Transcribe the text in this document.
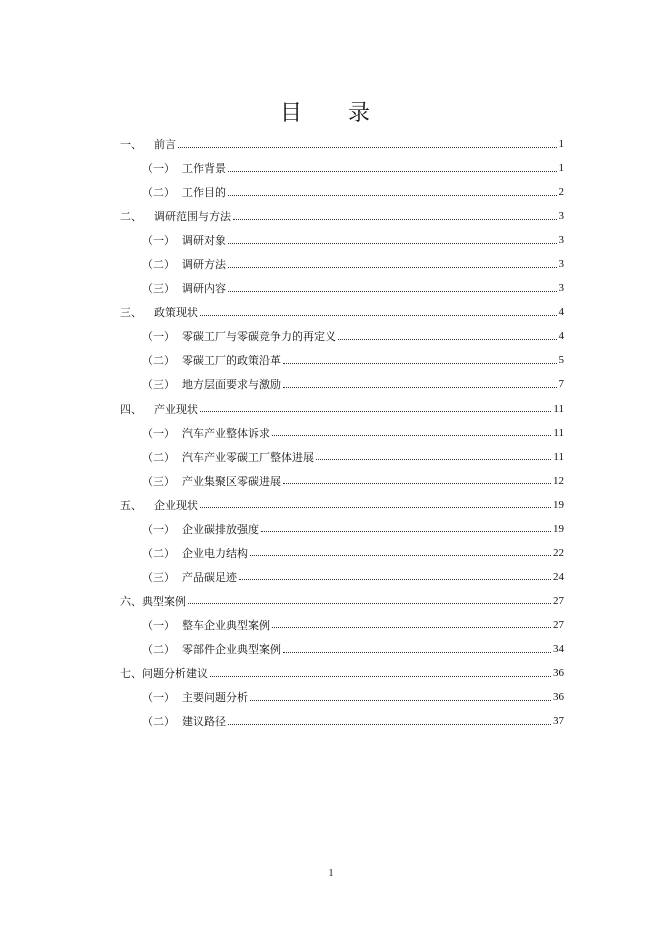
目　录
一、	前言	1
（一） 工作背景	1
（二） 工作目的	2
二、	调研范围与方法	3
（一） 调研对象	3
（二） 调研方法	3
（三） 调研内容	3
三、	政策现状	4
（一） 零碳工厂与零碳竞争力的再定义	4
（二） 零碳工厂的政策沿革	5
（三） 地方层面要求与激励	7
四、	产业现状	11
（一） 汽车产业整体诉求	11
（二） 汽车产业零碳工厂整体进展	11
（三） 产业集聚区零碳进展	12
五、	企业现状	19
（一） 企业碳排放强度	19
（二） 企业电力结构	22
（三） 产品碳足迹	24
六、 典型案例	27
（一） 整车企业典型案例	27
（二） 零部件企业典型案例	34
七、 问题分析建议	36
（一） 主要问题分析	36
（二） 建议路径	37
1
